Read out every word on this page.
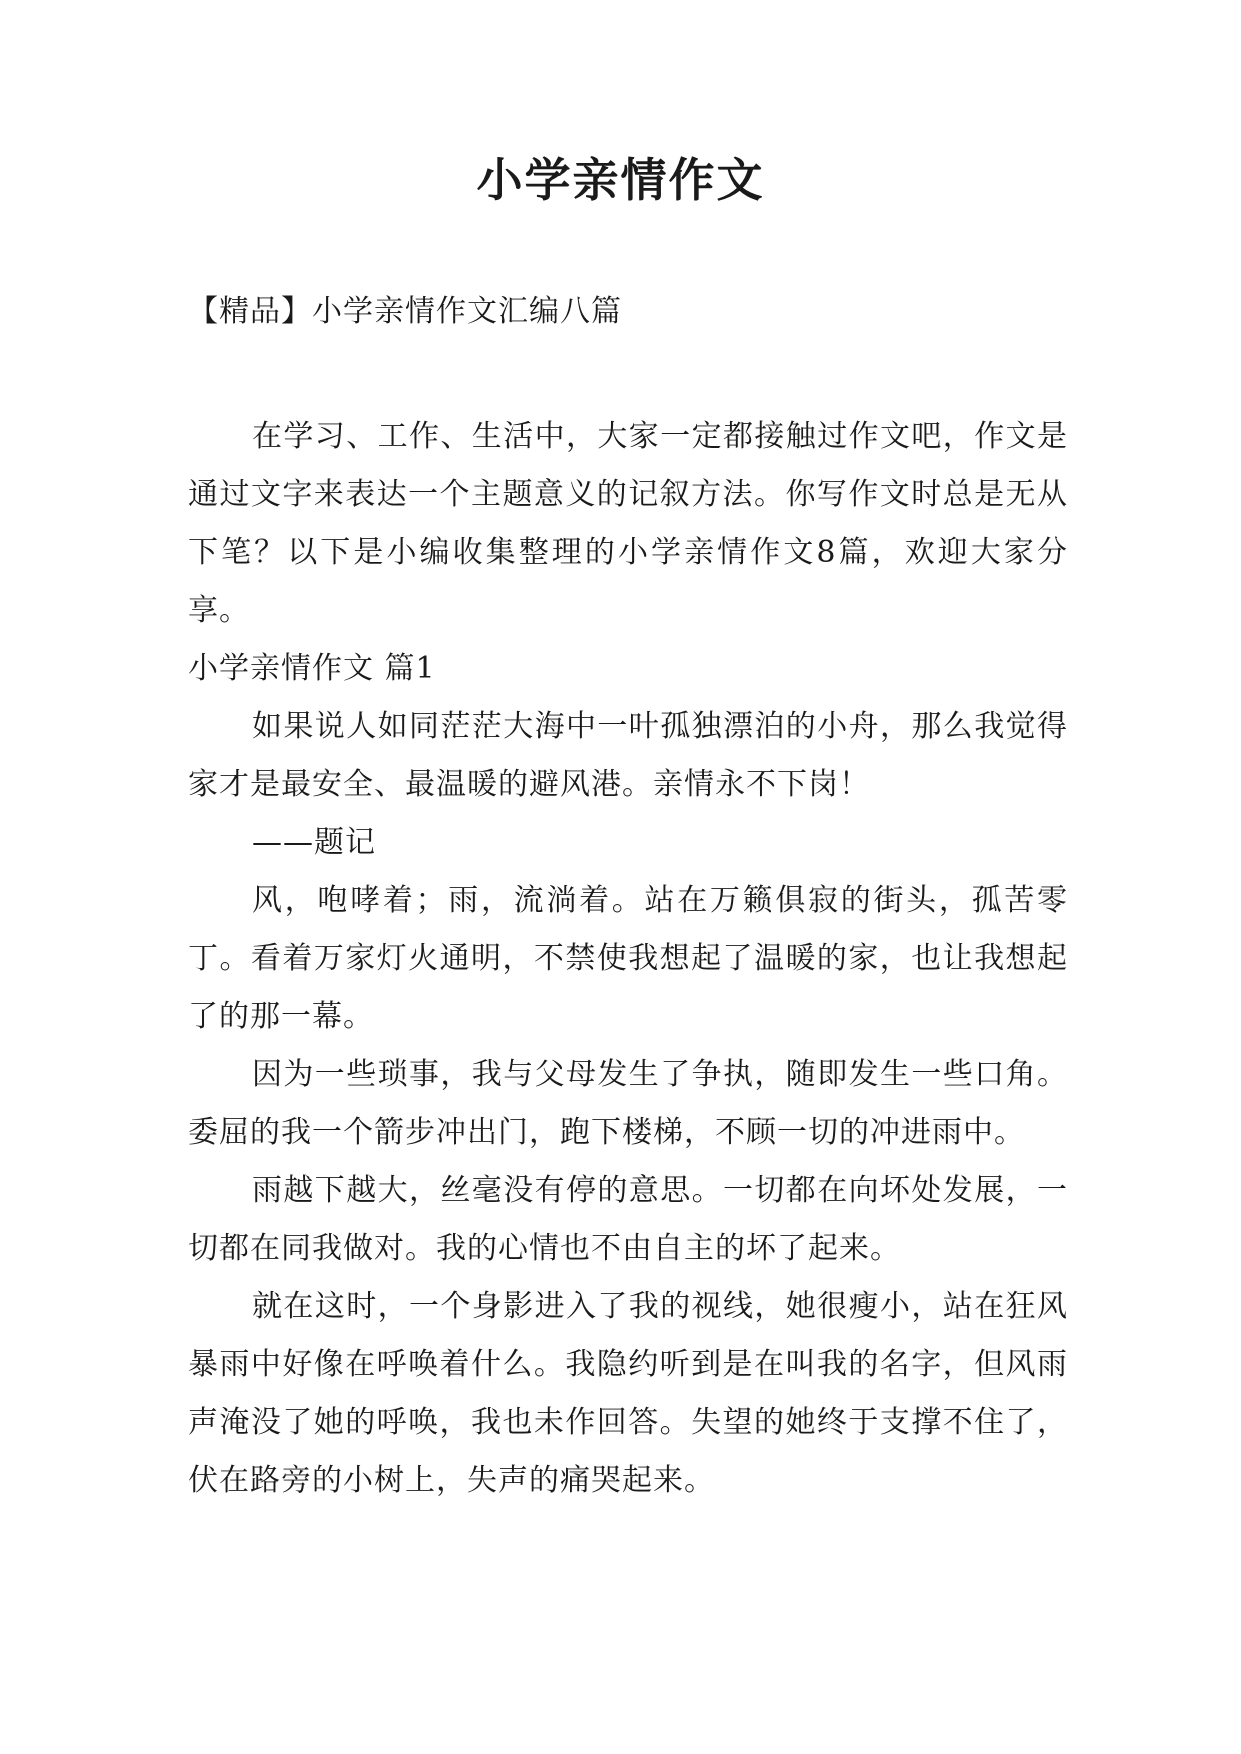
小学亲情作文

【精品】小学亲情作文汇编八篇

在学习、工作、生活中，大家一定都接触过作文吧，作文是通过文字来表达一个主题意义的记叙方法。你写作文时总是无从下笔？以下是小编收集整理的小学亲情作文8篇，欢迎大家分享。

小学亲情作文 篇1

如果说人如同茫茫大海中一叶孤独漂泊的小舟，那么我觉得家才是最安全、最温暖的避风港。亲情永不下岗！

——题记

风，咆哮着；雨，流淌着。站在万籁俱寂的街头，孤苦零丁。看着万家灯火通明，不禁使我想起了温暖的家，也让我想起了的那一幕。

因为一些琐事，我与父母发生了争执，随即发生一些口角。委屈的我一个箭步冲出门，跑下楼梯，不顾一切的冲进雨中。

雨越下越大，丝毫没有停的意思。一切都在向坏处发展，一切都在同我做对。我的心情也不由自主的坏了起来。

就在这时，一个身影进入了我的视线，她很瘦小，站在狂风暴雨中好像在呼唤着什么。我隐约听到是在叫我的名字，但风雨声淹没了她的呼唤，我也未作回答。失望的她终于支撑不住了，伏在路旁的小树上，失声的痛哭起来。
